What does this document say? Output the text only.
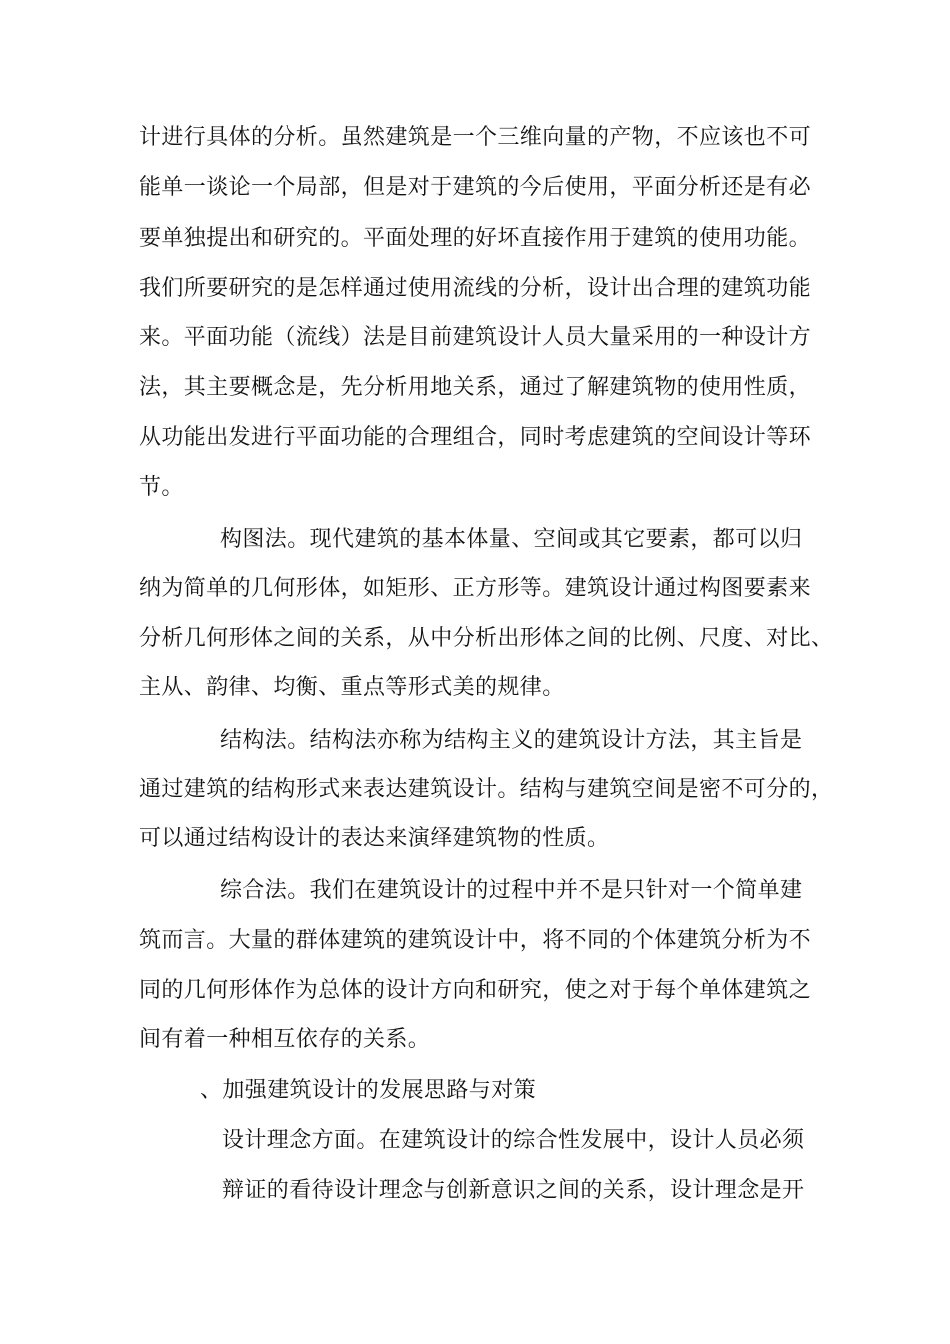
计进行具体的分析。虽然建筑是一个三维向量的产物，不应该也不可
能单一谈论一个局部，但是对于建筑的今后使用，平面分析还是有必
要单独提出和研究的。平面处理的好坏直接作用于建筑的使用功能。
我们所要研究的是怎样通过使用流线的分析，设计出合理的建筑功能
来。平面功能（流线）法是目前建筑设计人员大量采用的一种设计方
法，其主要概念是，先分析用地关系，通过了解建筑物的使用性质，
从功能出发进行平面功能的合理组合，同时考虑建筑的空间设计等环
节。
构图法。现代建筑的基本体量、空间或其它要素，都可以归
纳为简单的几何形体，如矩形、正方形等。建筑设计通过构图要素来
分析几何形体之间的关系，从中分析出形体之间的比例、尺度、对比、
主从、韵律、均衡、重点等形式美的规律。
结构法。结构法亦称为结构主义的建筑设计方法，其主旨是
通过建筑的结构形式来表达建筑设计。结构与建筑空间是密不可分的，
可以通过结构设计的表达来演绎建筑物的性质。
综合法。我们在建筑设计的过程中并不是只针对一个简单建
筑而言。大量的群体建筑的建筑设计中，将不同的个体建筑分析为不
同的几何形体作为总体的设计方向和研究，使之对于每个单体建筑之
间有着一种相互依存的关系。
、加强建筑设计的发展思路与对策
设计理念方面。在建筑设计的综合性发展中，设计人员必须
辩证的看待设计理念与创新意识之间的关系，设计理念是开
